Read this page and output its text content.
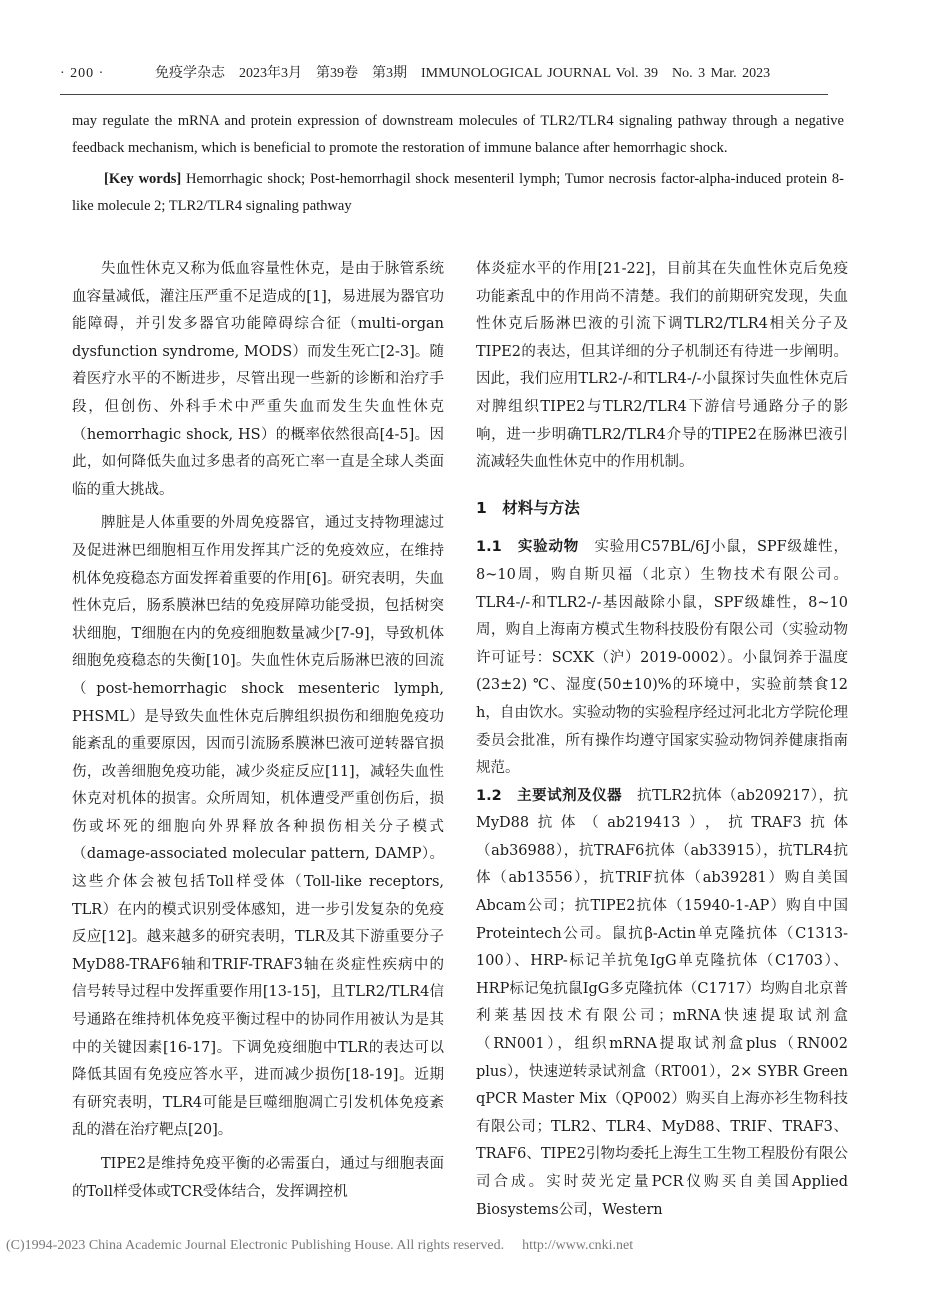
· 200 ·	免疫学杂志　2023年3月　第39卷　第3期　IMMUNOLOGICAL JOURNAL Vol. 39　No. 3 Mar. 2023

may regulate the mRNA and protein expression of downstream molecules of TLR2/TLR4 signaling pathway through a negative feedback mechanism, which is beneficial to promote the restoration of immune balance after hemorrhagic shock.

[Key words] Hemorrhagic shock; Post-hemorrhagil shock mesenteril lymph; Tumor necrosis factor-alpha-induced protein 8-like molecule 2; TLR2/TLR4 signaling pathway

失血性休克又称为低血容量性休克，是由于脉管系统血容量减低，灌注压严重不足造成的[1]，易进展为器官功能障碍，并引发多器官功能障碍综合征（multi-organ dysfunction syndrome, MODS）而发生死亡[2-3]。随着医疗水平的不断进步，尽管出现一些新的诊断和治疗手段，但创伤、外科手术中严重失血而发生失血性休克（hemorrhagic shock, HS）的概率依然很高[4-5]。因此，如何降低失血过多患者的高死亡率一直是全球人类面临的重大挑战。

脾脏是人体重要的外周免疫器官，通过支持物理滤过及促进淋巴细胞相互作用发挥其广泛的免疫效应，在维持机体免疫稳态方面发挥着重要的作用[6]。研究表明，失血性休克后，肠系膜淋巴结的免疫屏障功能受损，包括树突状细胞，T细胞在内的免疫细胞数量减少[7-9]，导致机体细胞免疫稳态的失衡[10]。失血性休克后肠淋巴液的回流（post-hemorrhagic shock mesenteric lymph, PHSML）是导致失血性休克后脾组织损伤和细胞免疫功能紊乱的重要原因，因而引流肠系膜淋巴液可逆转器官损伤，改善细胞免疫功能，减少炎症反应[11]，减轻失血性休克对机体的损害。众所周知，机体遭受严重创伤后，损伤或坏死的细胞向外界释放各种损伤相关分子模式（damage-associated molecular pattern, DAMP）。这些介体会被包括Toll样受体（Toll-like receptors, TLR）在内的模式识别受体感知，进一步引发复杂的免疫反应[12]。越来越多的研究表明，TLR及其下游重要分子MyD88-TRAF6轴和TRIF-TRAF3轴在炎症性疾病中的信号转导过程中发挥重要作用[13-15]，且TLR2/TLR4信号通路在维持机体免疫平衡过程中的协同作用被认为是其中的关键因素[16-17]。下调免疫细胞中TLR的表达可以降低其固有免疫应答水平，进而减少损伤[18-19]。近期有研究表明，TLR4可能是巨噬细胞凋亡引发机体免疫紊乱的潜在治疗靶点[20]。

TIPE2是维持免疫平衡的必需蛋白，通过与细胞表面的Toll样受体或TCR受体结合，发挥调控机

体炎症水平的作用[21-22]，目前其在失血性休克后免疫功能紊乱中的作用尚不清楚。我们的前期研究发现，失血性休克后肠淋巴液的引流下调TLR2/TLR4相关分子及TIPE2的表达，但其详细的分子机制还有待进一步阐明。因此，我们应用TLR2-/-和TLR4-/-小鼠探讨失血性休克后对脾组织TIPE2与TLR2/TLR4下游信号通路分子的影响，进一步明确TLR2/TLR4介导的TIPE2在肠淋巴液引流减轻失血性休克中的作用机制。

1　材料与方法

1.1　实验动物　实验用C57BL/6J小鼠，SPF级雄性，8~10周，购自斯贝福（北京）生物技术有限公司。TLR4-/-和TLR2-/-基因敲除小鼠，SPF级雄性，8~10周，购自上海南方模式生物科技股份有限公司（实验动物许可证号：SCXK（沪）2019-0002）。小鼠饲养于温度(23±2) ℃、湿度(50±10)%的环境中，实验前禁食12 h，自由饮水。实验动物的实验程序经过河北北方学院伦理委员会批准，所有操作均遵守国家实验动物饲养健康指南规范。

1.2　主要试剂及仪器　抗TLR2抗体（ab209217），抗MyD88抗体（ab219413），抗TRAF3抗体（ab36988），抗TRAF6抗体（ab33915），抗TLR4抗体（ab13556），抗TRIF抗体（ab39281）购自美国Abcam公司；抗TIPE2抗体（15940-1-AP）购自中国Proteintech公司。鼠抗β-Actin单克隆抗体（C1313-100）、HRP-标记羊抗兔IgG单克隆抗体（C1703）、HRP标记兔抗鼠IgG多克隆抗体（C1717）均购自北京普利莱基因技术有限公司；mRNA快速提取试剂盒（RN001），组织mRNA提取试剂盒plus（RN002 plus），快速逆转录试剂盒（RT001），2× SYBR Green qPCR Master Mix（QP002）购买自上海亦衫生物科技有限公司；TLR2、TLR4、MyD88、TRIF、TRAF3、TRAF6、TIPE2引物均委托上海生工生物工程股份有限公司合成。实时荧光定量PCR仪购买自美国Applied Biosystems公司，Western

(C)1994-2023 China Academic Journal Electronic Publishing House. All rights reserved. http://www.cnki.net
